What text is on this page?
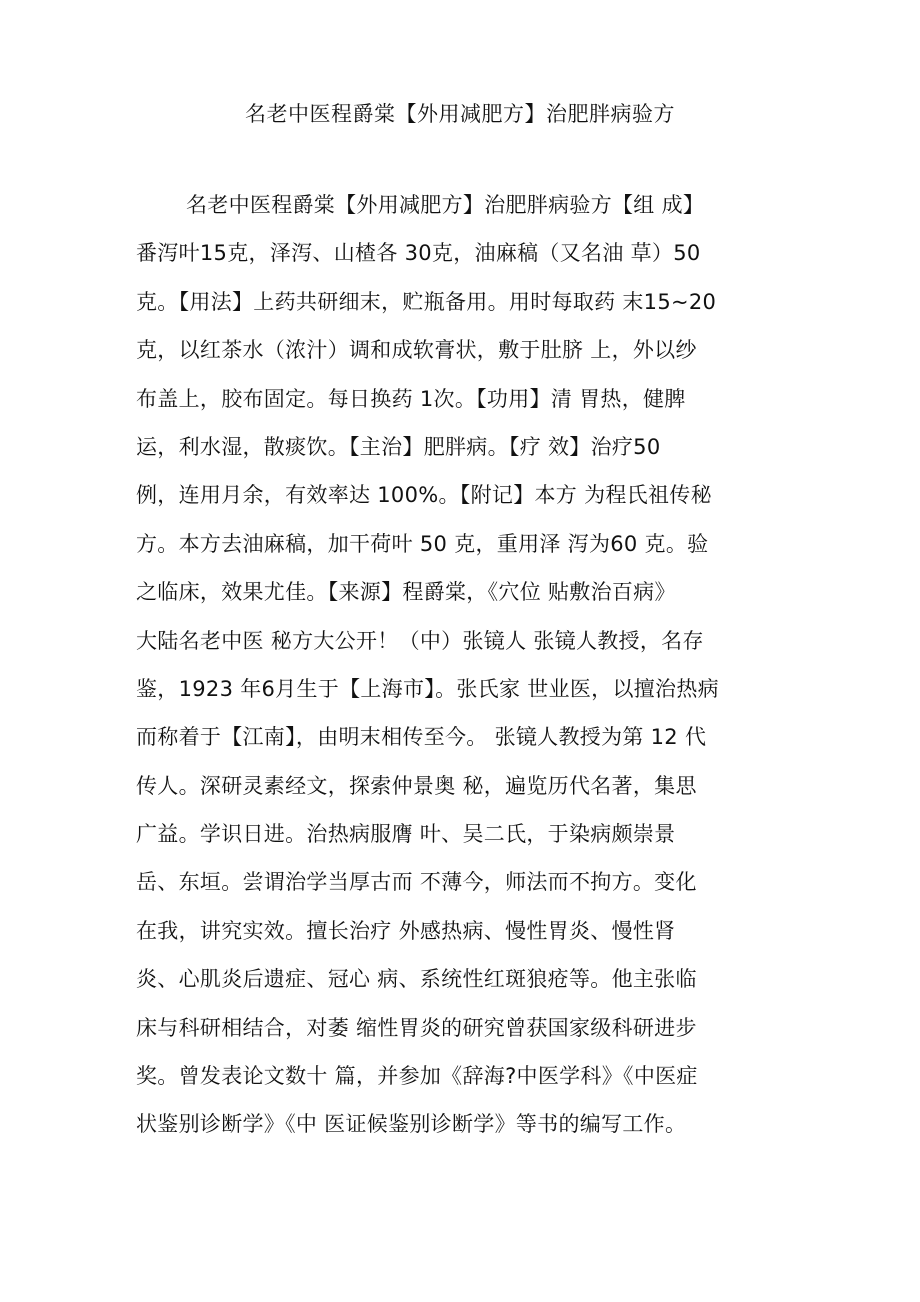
名老中医程爵棠【外用减肥方】治肥胖病验方
名老中医程爵棠【外用减肥方】治肥胖病验方【组 成】
番泻叶15克，泽泻、山楂各 30克，油麻稿（又名油 草）50
克。【用法】上药共研细末，贮瓶备用。用时每取药 末15~20
克，以红茶水（浓汁）调和成软膏状，敷于肚脐 上，外以纱
布盖上，胶布固定。每日换药 1次。【功用】清 胃热，健脾
运，利水湿，散痰饮。【主治】肥胖病。【疗 效】治疗50
例，连用月余，有效率达 100%。【附记】本方 为程氏祖传秘
方。本方去油麻稿，加干荷叶 50 克，重用泽 泻为60 克。验
之临床，效果尤佳。【来源】程爵棠，《穴位 贴敷治百病》
大陆名老中医 秘方大公开！（中）张镜人 张镜人教授，名存
鉴，1923 年6月生于【上海市】。张氏家 世业医，以擅治热病
而称着于【江南】，由明末相传至今。 张镜人教授为第 12 代
传人。深研灵素经文，探索仲景奥 秘，遍览历代名著，集思
广益。学识日进。治热病服膺 叶、吴二氏，于染病颇崇景
岳、东垣。尝谓治学当厚古而 不薄今，师法而不拘方。变化
在我，讲究实效。擅长治疗 外感热病、慢性胃炎、慢性肾
炎、心肌炎后遗症、冠心 病、系统性红斑狼疮等。他主张临
床与科研相结合，对萎 缩性胃炎的研究曾获国家级科研进步
奖。曾发表论文数十 篇，并参加《辞海?中医学科》《中医症
状鉴别诊断学》《中 医证候鉴别诊断学》等书的编写工作。
